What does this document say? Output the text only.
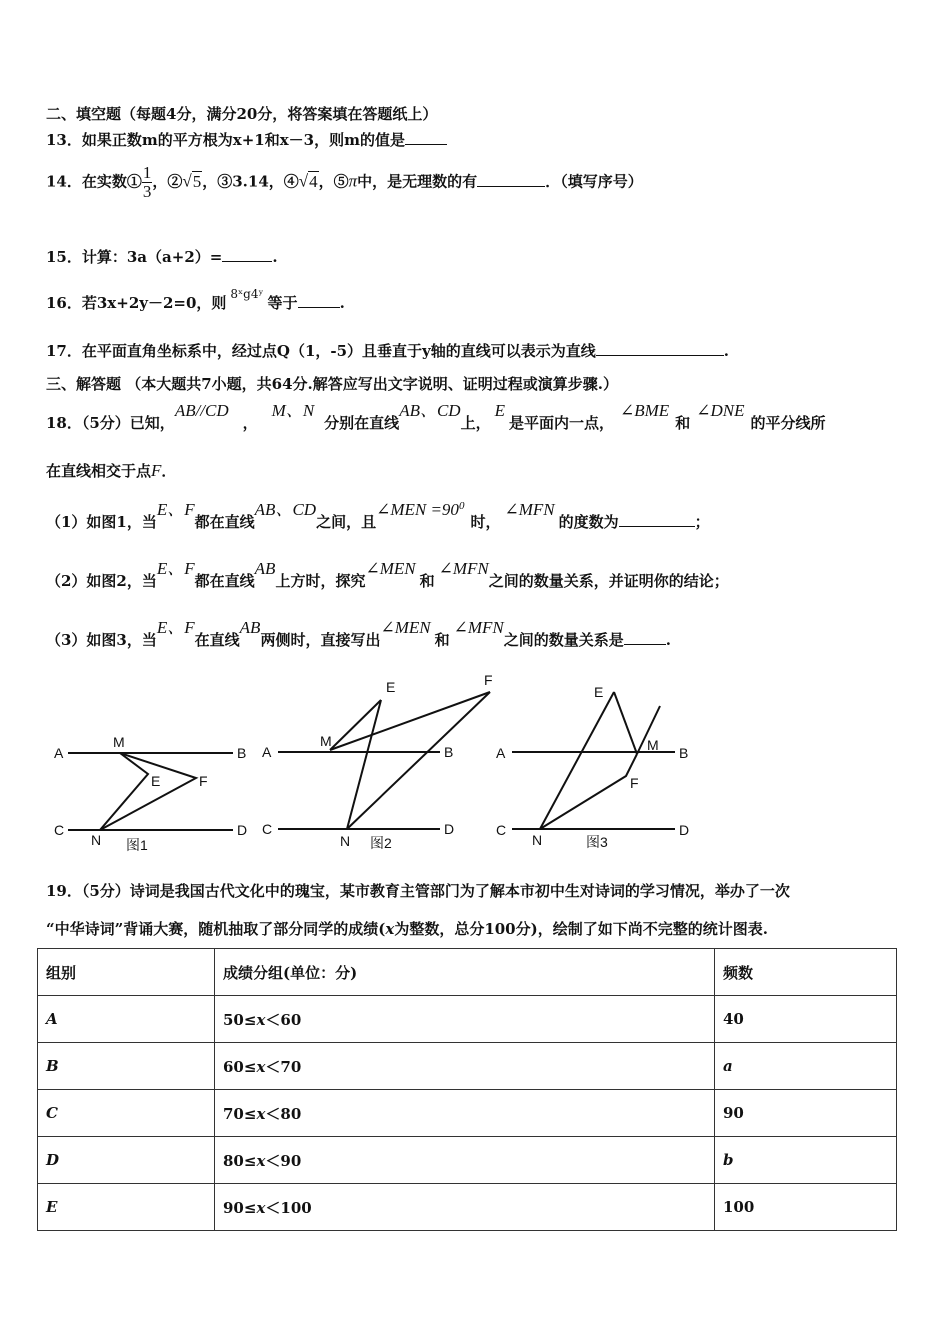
二、填空题（每题4分，满分20分，将答案填在答题纸上）
13．如果正数m的平方根为x+1和x－3，则m的值是
14．在实数① $\frac{1}{3}$ ，②√5，③3.14，④√4，⑤π中，是无理数的有	．（填写序号）
15．计算：3a（a+2）=	.
16．若3x+2y－2=0，则 $^{8ˣg4ʸ}$ 等于	.
17．在平面直角坐标系中，经过点Q（1，-5）且垂直于y轴的直线可以表示为直线	.
三、解答题 （本大题共7小题，共64分.解答应写出文字说明、证明过程或演算步骤.）
18．（5分）已知，AB//CD，M、N分别在直线AB、CD上，E是平面内一点，∠BME和∠DNE的平分线所
在直线相交于点F．
（1）如图1，当E、F都在直线AB、CD之间，且∠MEN $=90^0$时，∠MFN的度数为	；
（2）如图2，当E、F都在直线AB上方时，探究∠MEN和∠MFN之间的数量关系，并证明你的结论；
（3）如图3，当E、F在直线AB两侧时，直接写出∠MEN和∠MFN之间的数量关系是	.
A	B
C	D
M
N
E	F
图1
A	B
C	D
M
N
E	F
图2
A	B
C	D
M
N
E
F
图3
19．（5分）诗词是我国古代文化中的瑰宝，某市教育主管部门为了解本市初中生对诗词的学习情况，举办了一次
“中华诗词”背诵大赛，随机抽取了部分同学的成绩(x为整数，总分100分)，绘制了如下尚不完整的统计图表.
组别	成绩分组(单位：分)	频数
A	50≤x＜60	40
B	60≤x＜70	a
C	70≤x＜80	90
D	80≤x＜90	b
E	90≤x＜100	100
